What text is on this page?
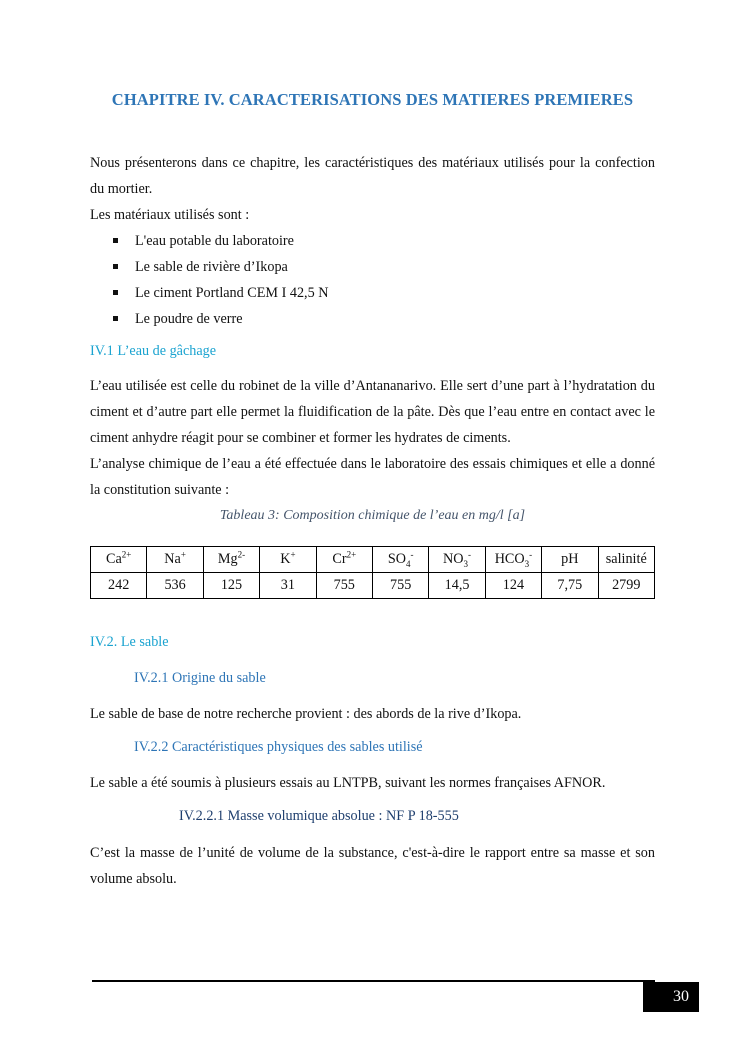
CHAPITRE IV. CARACTERISATIONS DES MATIERES PREMIERES

Nous présenterons dans ce chapitre, les caractéristiques des matériaux utilisés pour la confection du mortier.

Les matériaux utilisés sont :

L'eau potable du laboratoire
Le sable de rivière d’Ikopa
Le ciment Portland CEM I 42,5 N
Le poudre de verre
IV.1 L’eau de gâchage

L’eau utilisée est celle du robinet de la ville d’Antananarivo. Elle sert d’une part à l’hydratation du ciment et d’autre part elle permet la fluidification de la pâte. Dès que l’eau entre en contact avec le ciment anhydre réagit pour se combiner et former les hydrates de ciments.

L’analyse chimique de l’eau a été effectuée dans le laboratoire des essais chimiques et elle a donné la constitution suivante :

Tableau 3: Composition chimique de l’eau en mg/l [a]
$Ca^{2+}$	Na+	$Mg^{2-}$	K+	$Cr^{2+}$	$SO_4^-$	$NO_3^-$	$HCO_3^-$	pH	salinité
242	536	125	31	755	755	14,5	124	7,75	2799
IV.2. Le sable
IV.2.1 Origine du sable
Le sable de base de notre recherche provient : des abords de la rive d’Ikopa.
IV.2.2 Caractéristiques physiques des sables utilisé
Le sable a été soumis à plusieurs essais au LNTPB, suivant les normes françaises AFNOR.
IV.2.2.1 Masse volumique absolue : NF P 18-555
C’est la masse de l’unité de volume de la substance, c'est-à-dire le rapport entre sa masse et son volume absolu.
30
